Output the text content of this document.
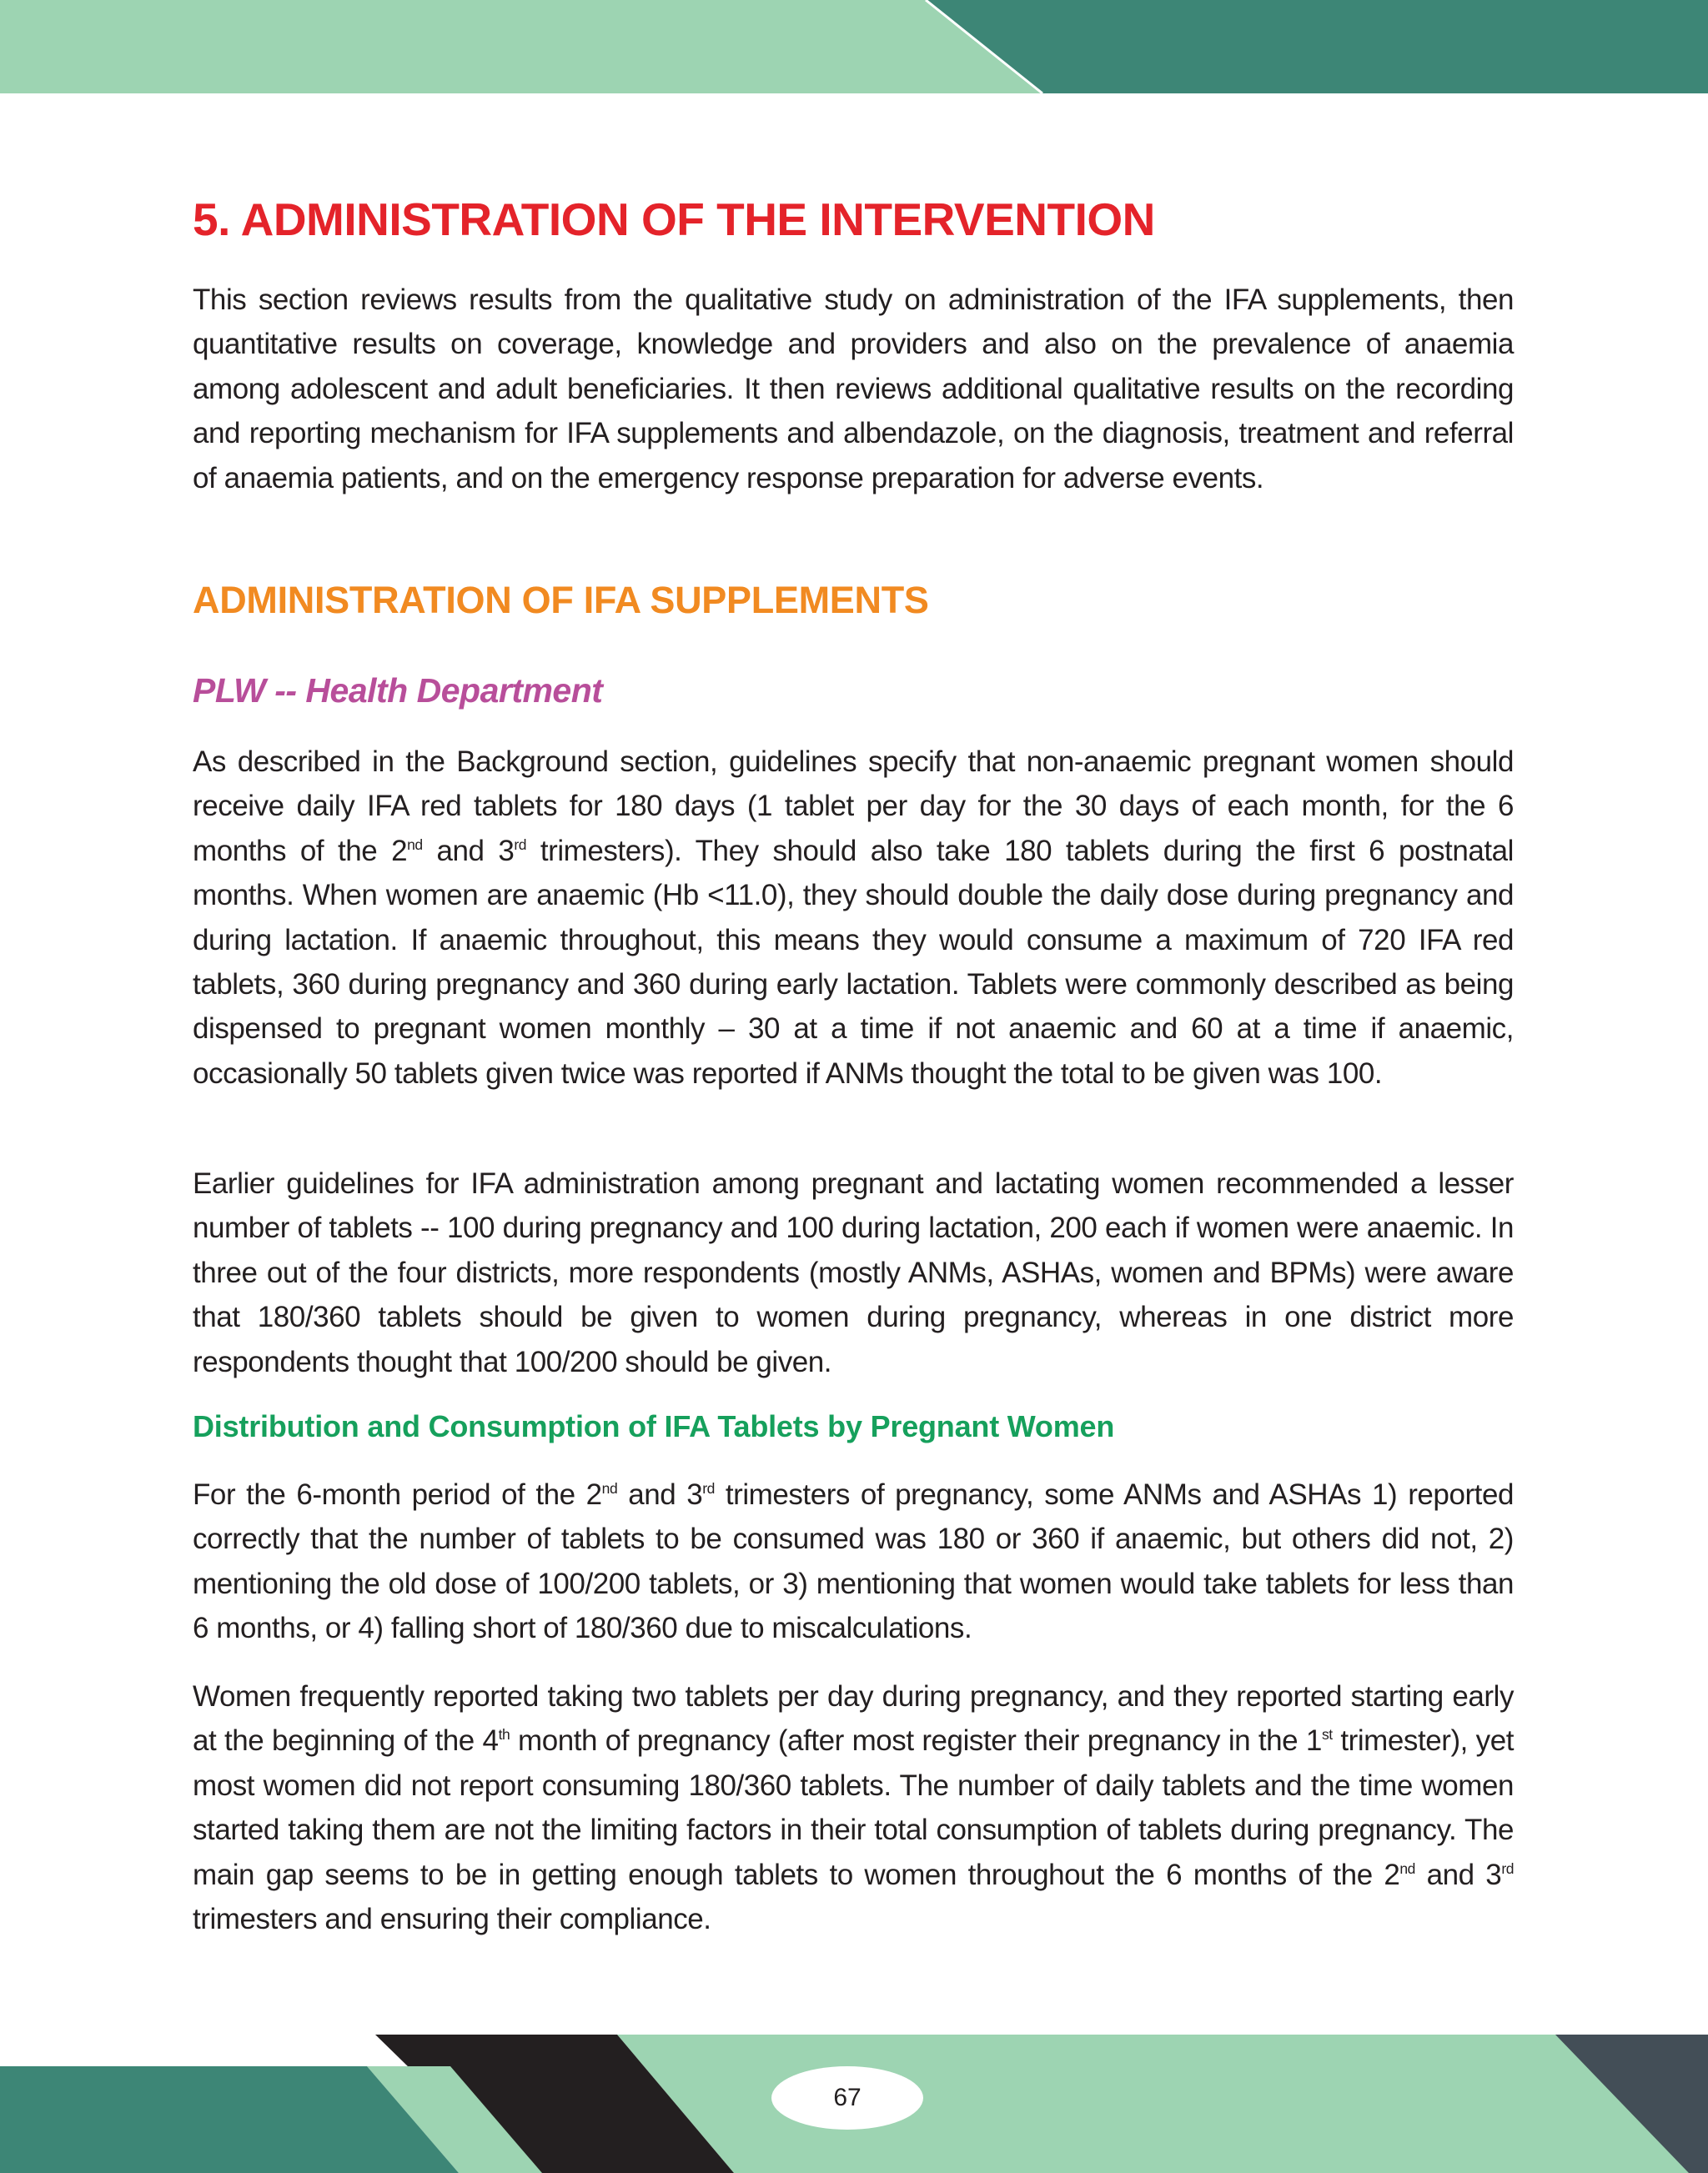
5. ADMINISTRATION OF THE INTERVENTION

This section reviews results from the qualitative study on administration of the IFA supplements, then quantitative results on coverage, knowledge and providers and also on the prevalence of anaemia among adolescent and adult beneficiaries. It then reviews additional qualitative results on the recording and reporting mechanism for IFA supplements and albendazole, on the diagnosis, treatment and referral of anaemia patients, and on the emergency response preparation for adverse events.

ADMINISTRATION OF IFA SUPPLEMENTS
PLW -- Health Department

As described in the Background section, guidelines specify that non-anaemic pregnant women should receive daily IFA red tablets for 180 days (1 tablet per day for the 30 days of each month, for the 6 months of the 2nd and 3rd trimesters). They should also take 180 tablets during the first 6 postnatal months. When women are anaemic (Hb <11.0), they should double the daily dose during pregnancy and during lactation. If anaemic throughout, this means they would consume a maximum of 720 IFA red tablets, 360 during pregnancy and 360 during early lactation. Tablets were commonly described as being dispensed to pregnant women monthly – 30 at a time if not anaemic and 60 at a time if anaemic, occasionally 50 tablets given twice was reported if ANMs thought the total to be given was 100.

Earlier guidelines for IFA administration among pregnant and lactating women recommended a lesser number of tablets -- 100 during pregnancy and 100 during lactation, 200 each if women were anaemic. In three out of the four districts, more respondents (mostly ANMs, ASHAs, women and BPMs) were aware that 180/360 tablets should be given to women during pregnancy, whereas in one district more respondents thought that 100/200 should be given.

Distribution and Consumption of IFA Tablets by Pregnant Women

For the 6-month period of the 2nd and 3rd trimesters of pregnancy, some ANMs and ASHAs 1) reported correctly that the number of tablets to be consumed was 180 or 360 if anaemic, but others did not, 2) mentioning the old dose of 100/200 tablets, or 3) mentioning that women would take tablets for less than 6 months, or 4) falling short of 180/360 due to miscalculations.

Women frequently reported taking two tablets per day during pregnancy, and they reported starting early at the beginning of the 4th month of pregnancy (after most register their pregnancy in the 1st trimester), yet most women did not report consuming 180/360 tablets. The number of daily tablets and the time women started taking them are not the limiting factors in their total consumption of tablets during pregnancy. The main gap seems to be in getting enough tablets to women throughout the 6 months of the 2nd and 3rd trimesters and ensuring their compliance.

67
